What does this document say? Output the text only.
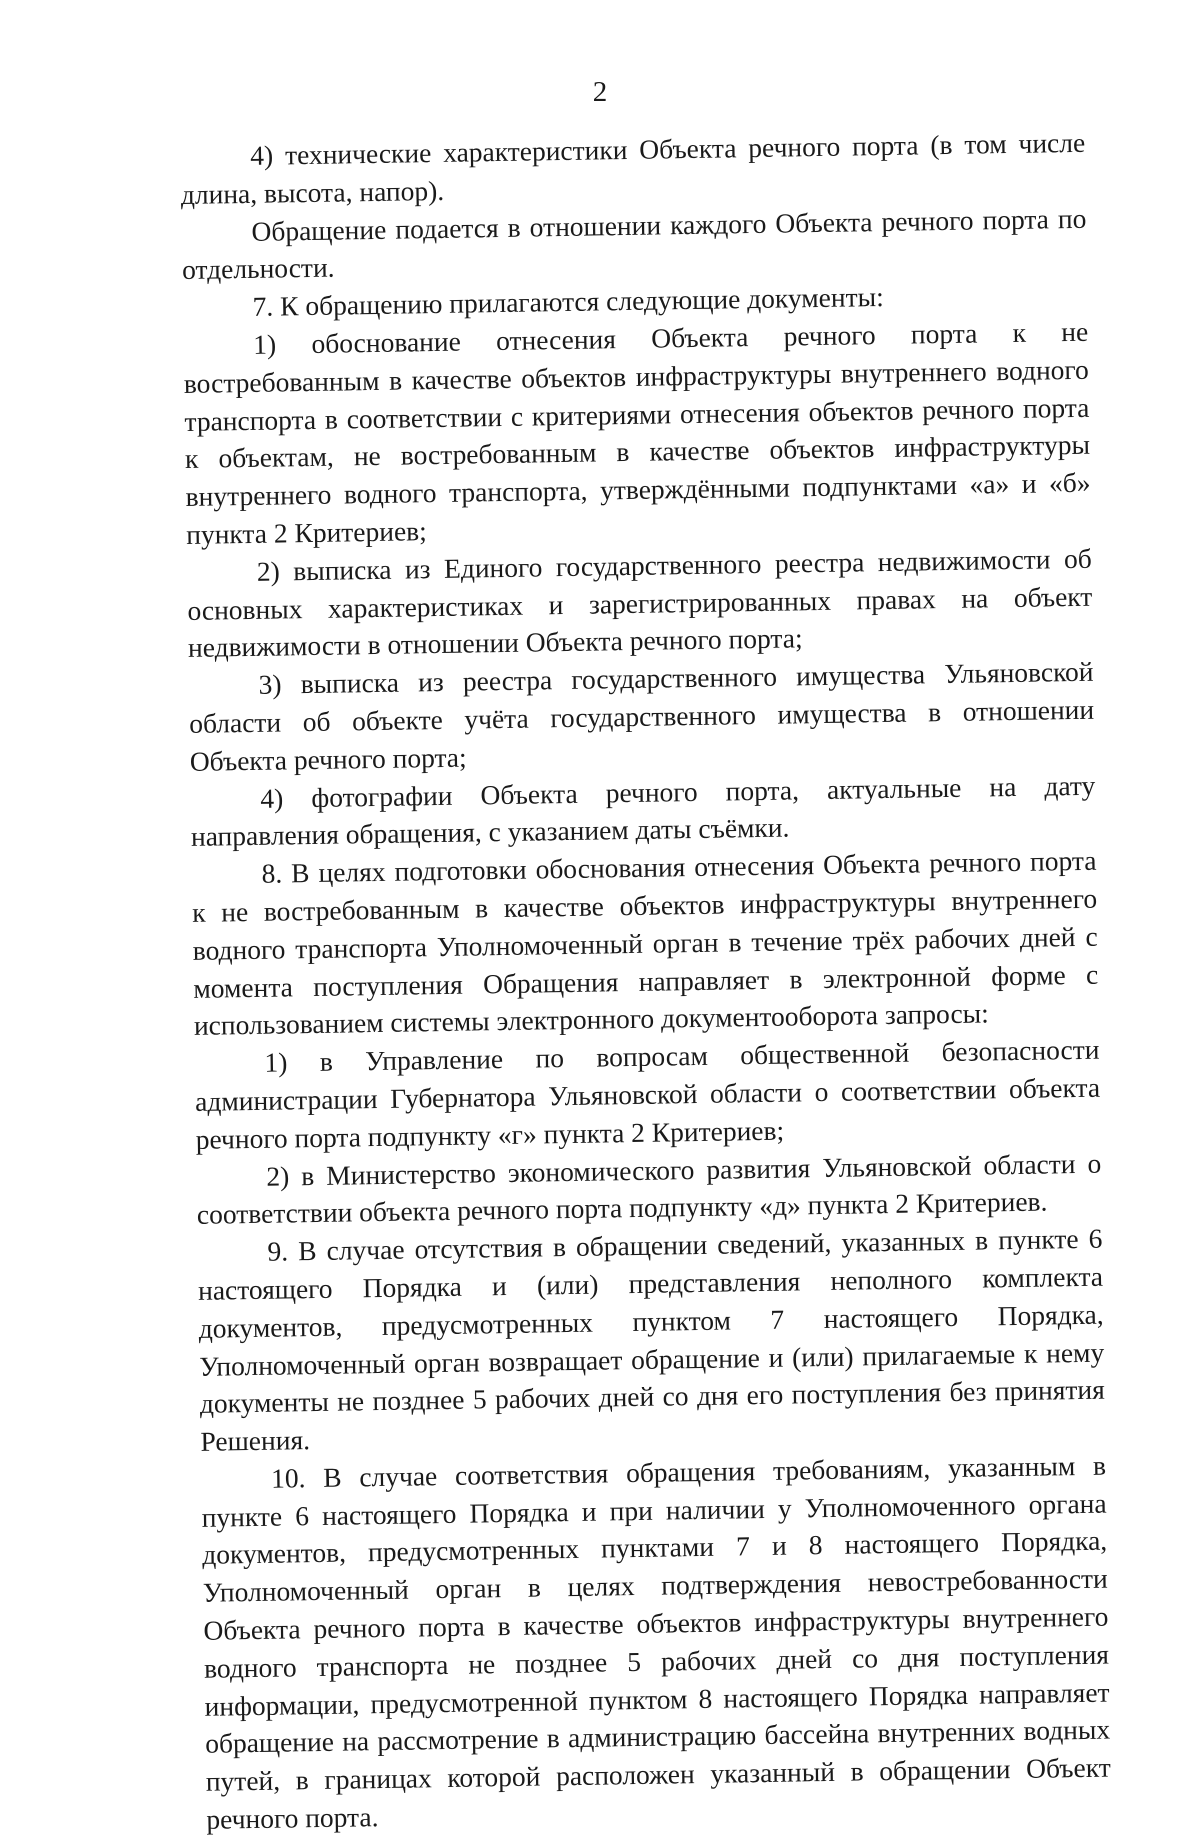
2

4) технические характеристики Объекта речного порта (в том числе длина, высота, напор).

Обращение подается в отношении каждого Объекта речного порта по отдельности.

7. К обращению прилагаются следующие документы:

1) обоснование отнесения Объекта речного порта к не востребованным в качестве объектов инфраструктуры внутреннего водного транспорта в соответствии с критериями отнесения объектов речного порта к объектам, не востребованным в качестве объектов инфраструктуры внутреннего водного транспорта, утверждёнными подпунктами «а» и «б» пункта 2 Критериев;

2) выписка из Единого государственного реестра недвижимости об основных характеристиках и зарегистрированных правах на объект недвижимости в отношении Объекта речного порта;

3) выписка из реестра государственного имущества Ульяновской области об объекте учёта государственного имущества в отношении Объекта речного порта;

4) фотографии Объекта речного порта, актуальные на дату направления обращения, с указанием даты съёмки.

8. В целях подготовки обоснования отнесения Объекта речного порта к не востребованным в качестве объектов инфраструктуры внутреннего водного транспорта Уполномоченный орган в течение трёх рабочих дней с момента поступления Обращения направляет в электронной форме с использованием системы электронного документооборота запросы:

1) в Управление по вопросам общественной безопасности администрации Губернатора Ульяновской области о соответствии объекта речного порта подпункту «г» пункта 2 Критериев;

2) в Министерство экономического развития Ульяновской области о соответствии объекта речного порта подпункту «д» пункта 2 Критериев.

9. В случае отсутствия в обращении сведений, указанных в пункте 6 настоящего Порядка и (или) представления неполного комплекта документов, предусмотренных пунктом 7 настоящего Порядка, Уполномоченный орган возвращает обращение и (или) прилагаемые к нему документы не позднее 5 рабочих дней со дня его поступления без принятия Решения.

10. В случае соответствия обращения требованиям, указанным в пункте 6 настоящего Порядка и при наличии у Уполномоченного органа документов, предусмотренных пунктами 7 и 8 настоящего Порядка, Уполномоченный орган в целях подтверждения невостребованности Объекта речного порта в качестве объектов инфраструктуры внутреннего водного транспорта не позднее 5 рабочих дней со дня поступления информации, предусмотренной пунктом 8 настоящего Порядка направляет обращение на рассмотрение в администрацию бассейна внутренних водных путей, в границах которой расположен указанный в обращении Объект речного порта.
